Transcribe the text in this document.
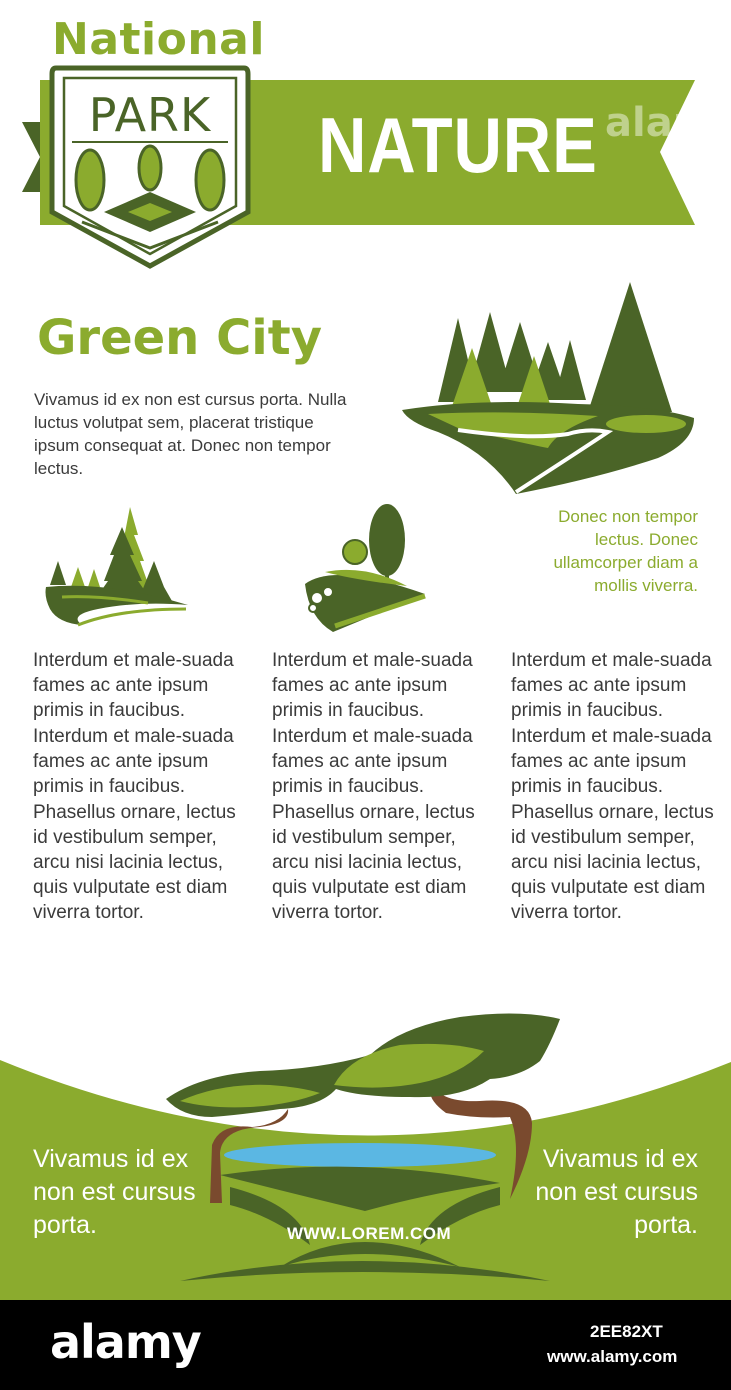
National
NATURE alar
PARK
Green City
Vivamus id ex non est cursus porta. Nulla luctus volutpat sem, placerat tristique ipsum consequat at. Donec non tempor lectus.
Donec non tempor lectus. Donec ullamcorper diam a mollis viverra.

Interdum et male-suada fames ac ante ipsum primis in faucibus.

Interdum et male-suada fames ac ante ipsum primis in faucibus.

Phasellus ornare, lectus id vestibulum semper, arcu nisi lacinia lectus, quis vulputate est diam viverra tortor.

Interdum et male-suada fames ac ante ipsum primis in faucibus.

Interdum et male-suada fames ac ante ipsum primis in faucibus.

Phasellus ornare, lectus id vestibulum semper, arcu nisi lacinia lectus, quis vulputate est diam viverra tortor.

Interdum et male-suada fames ac ante ipsum primis in faucibus.

Interdum et male-suada fames ac ante ipsum primis in faucibus.

Phasellus ornare, lectus id vestibulum semper, arcu nisi lacinia lectus, quis vulputate est diam viverra tortor.

Vivamus id ex non est cursus porta.
Vivamus id ex non est cursus porta.
WWW.LOREM.COM
alamy	2EE82XT
www.alamy.com
